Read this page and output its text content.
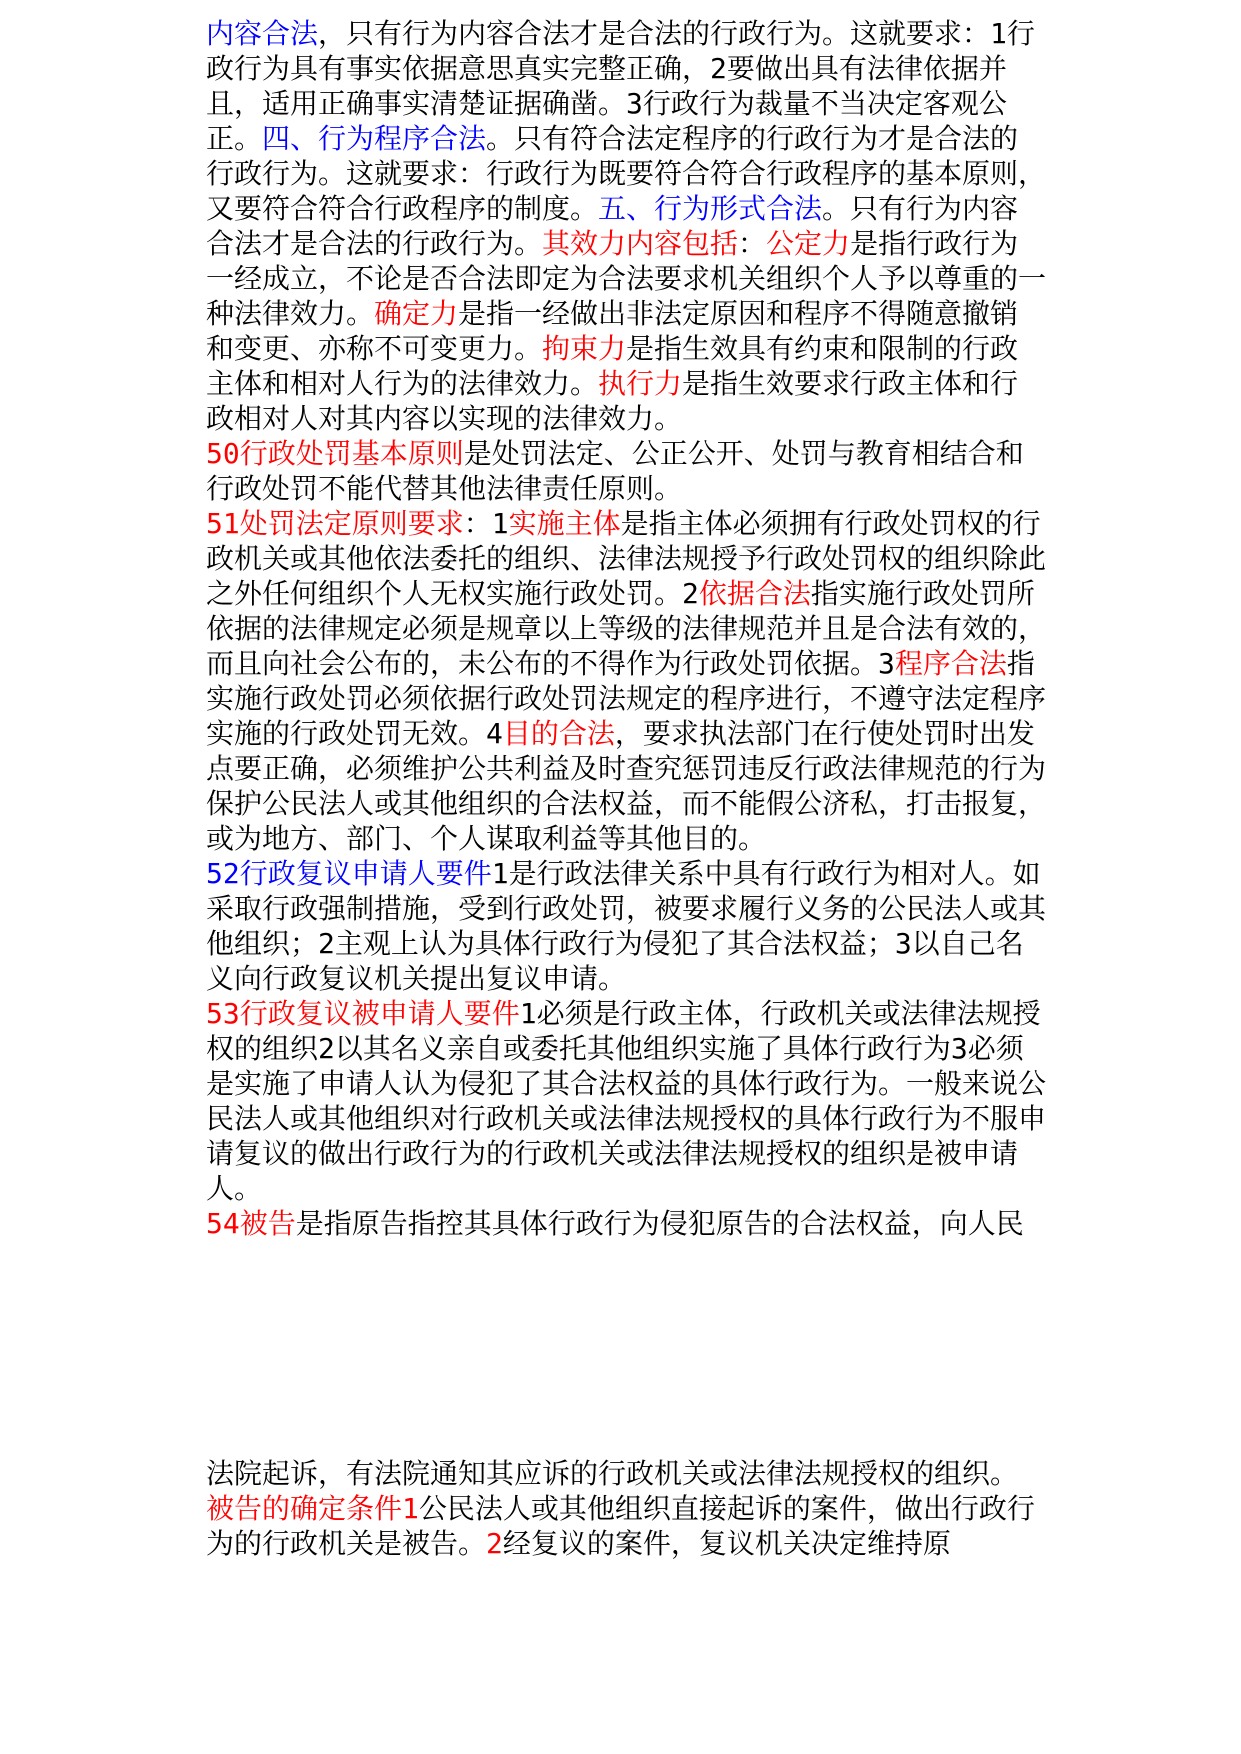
内容合法，只有行为内容合法才是合法的行政行为。这就要求：1行政行为具有事实依据意思真实完整正确，2要做出具有法律依据并且，适用正确事实清楚证据确凿。3行政行为裁量不当决定客观公正。四、行为程序合法。只有符合法定程序的行政行为才是合法的行政行为。这就要求：行政行为既要符合符合行政程序的基本原则，又要符合符合行政程序的制度。五、行为形式合法。只有行为内容合法才是合法的行政行为。其效力内容包括：公定力是指行政行为一经成立，不论是否合法即定为合法要求机关组织个人予以尊重的一种法律效力。确定力是指一经做出非法定原因和程序不得随意撤销和变更、亦称不可变更力。拘束力是指生效具有约束和限制的行政主体和相对人行为的法律效力。执行力是指生效要求行政主体和行政相对人对其内容以实现的法律效力。
50行政处罚基本原则是处罚法定、公正公开、处罚与教育相结合和行政处罚不能代替其他法律责任原则。
51处罚法定原则要求：1实施主体是指主体必须拥有行政处罚权的行政机关或其他依法委托的组织、法律法规授予行政处罚权的组织除此之外任何组织个人无权实施行政处罚。2依据合法指实施行政处罚所依据的法律规定必须是规章以上等级的法律规范并且是合法有效的，而且向社会公布的，未公布的不得作为行政处罚依据。3程序合法指实施行政处罚必须依据行政处罚法规定的程序进行，不遵守法定程序实施的行政处罚无效。4目的合法，要求执法部门在行使处罚时出发点要正确，必须维护公共利益及时查究惩罚违反行政法律规范的行为保护公民法人或其他组织的合法权益，而不能假公济私，打击报复，或为地方、部门、个人谋取利益等其他目的。
52行政复议申请人要件1是行政法律关系中具有行政行为相对人。如采取行政强制措施，受到行政处罚，被要求履行义务的公民法人或其他组织；2主观上认为具体行政行为侵犯了其合法权益；3以自己名义向行政复议机关提出复议申请。
53行政复议被申请人要件1必须是行政主体，行政机关或法律法规授权的组织2以其名义亲自或委托其他组织实施了具体行政行为3必须是实施了申请人认为侵犯了其合法权益的具体行政行为。一般来说公民法人或其他组织对行政机关或法律法规授权的具体行政行为不服申请复议的做出行政行为的行政机关或法律法规授权的组织是被申请人。
54被告是指原告指控其具体行政行为侵犯原告的合法权益，向人民
法院起诉，有法院通知其应诉的行政机关或法律法规授权的组织。被告的确定条件1公民法人或其他组织直接起诉的案件，做出行政行为的行政机关是被告。2经复议的案件，复议机关决定维持原
